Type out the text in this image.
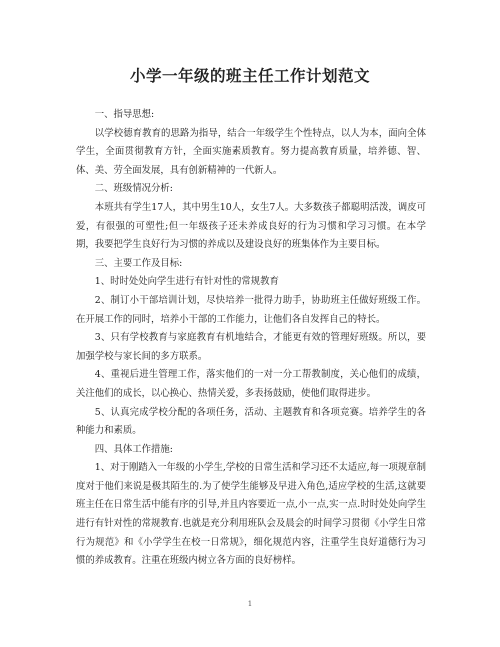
小学一年级的班主任工作计划范文

一、指导思想:

以学校德育教育的思路为指导，结合一年级学生个性特点，以人为本，面向全体学生，全面贯彻教育方针，全面实施素质教育。努力提高教育质量，培养德、智、体、美、劳全面发展，具有创新精神的一代新人。

二、班级情况分析:

本班共有学生17人，其中男生10人，女生7人。大多数孩子都聪明活泼，调皮可爱，有很强的可塑性;但一年级孩子还未养成良好的行为习惯和学习习惯。在本学期，我要把学生良好行为习惯的养成以及建设良好的班集体作为主要目标。

三、主要工作及目标:

1、时时处处向学生进行有针对性的常规教育

2、制订小干部培训计划，尽快培养一批得力助手，协助班主任做好班级工作。在开展工作的同时，培养小干部的工作能力，让他们各自发挥自己的特长。

3、只有学校教育与家庭教育有机地结合，才能更有效的管理好班级。所以，要加强学校与家长间的多方联系。

4、重视后进生管理工作，落实他们的一对一分工帮教制度，关心他们的成绩，关注他们的成长，以心换心、热情关爱，多表扬鼓励，使他们取得进步。

5、认真完成学校分配的各项任务，活动、主题教育和各项竞赛。培养学生的各种能力和素质。

四、具体工作措施:

1、对于刚踏入一年级的小学生,学校的日常生活和学习还不太适应,每一项规章制度对于他们来说是极其陌生的.为了使学生能够及早进入角色,适应学校的生活,这就要班主任在日常生活中能有序的引导,并且内容要近一点,小一点,实一点.时时处处向学生进行有针对性的常规教育.也就是充分利用班队会及晨会的时间学习贯彻《小学生日常行为规范》和《小学学生在校一日常规》，细化规范内容，注重学生良好道德行为习惯的养成教育。注重在班级内树立各方面的良好榜样。

1
